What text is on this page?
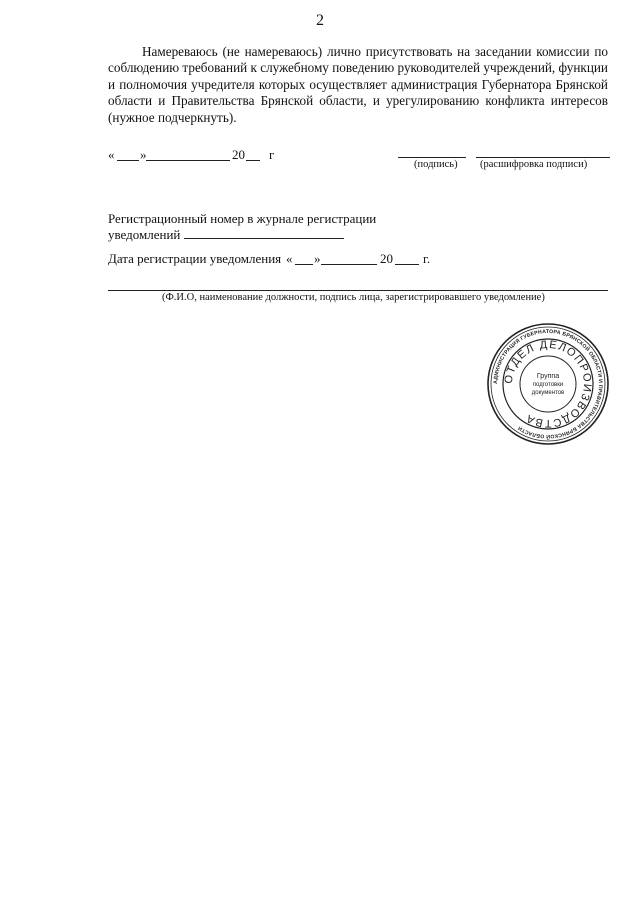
2
Намереваюсь (не намереваюсь) лично присутствовать на заседании комиссии по соблюдению требований к служебному поведению руководителей учреждений, функции и полномочия учредителя которых осуществляет администрация Губернатора Брянской области и Правительства Брянской области, и урегулированию конфликта интересов (нужное подчеркнуть).
« »	20 г
(подпись) (расшифровка подписи)
Регистрационный номер в журнале регистрации
уведомлений
Дата регистрации уведомления « »	20 г.
(Ф.И.О, наименование должности, подпись лица, зарегистрировавшего уведомление)
АДМИНИСТРАЦИЯ ГУБЕРНАТОРА БРЯНСКОЙ ОБЛАСТИ И ПРАВИТЕЛЬСТВА БРЯНСКОЙ ОБЛАСТИ
ОТДЕЛ ДЕЛОПРОИЗВОДСТВА
Группа
подготовки
документов
